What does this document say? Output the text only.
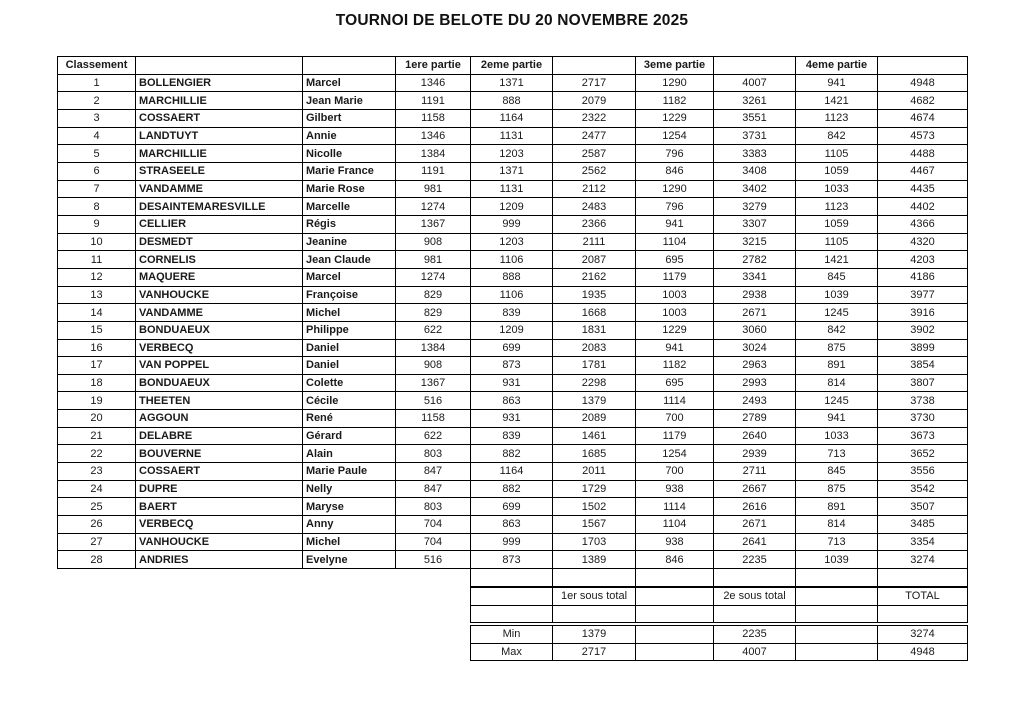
TOURNOI DE BELOTE DU 20 NOVEMBRE 2025
Classement			1ere partie	2eme partie		3eme partie		4eme partie	
1	BOLLENGIER	Marcel	1346	1371	2717	1290	4007	941	4948
2	MARCHILLIE	Jean Marie	1191	888	2079	1182	3261	1421	4682
3	COSSAERT	Gilbert	1158	1164	2322	1229	3551	1123	4674
4	LANDTUYT	Annie	1346	1131	2477	1254	3731	842	4573
5	MARCHILLIE	Nicolle	1384	1203	2587	796	3383	1105	4488
6	STRASEELE	Marie France	1191	1371	2562	846	3408	1059	4467
7	VANDAMME	Marie Rose	981	1131	2112	1290	3402	1033	4435
8	DESAINTEMARESVILLE	Marcelle	1274	1209	2483	796	3279	1123	4402
9	CELLIER	Régis	1367	999	2366	941	3307	1059	4366
10	DESMEDT	Jeanine	908	1203	2111	1104	3215	1105	4320
11	CORNELIS	Jean Claude	981	1106	2087	695	2782	1421	4203
12	MAQUERE	Marcel	1274	888	2162	1179	3341	845	4186
13	VANHOUCKE	Françoise	829	1106	1935	1003	2938	1039	3977
14	VANDAMME	Michel	829	839	1668	1003	2671	1245	3916
15	BONDUAEUX	Philippe	622	1209	1831	1229	3060	842	3902
16	VERBECQ	Daniel	1384	699	2083	941	3024	875	3899
17	VAN POPPEL	Daniel	908	873	1781	1182	2963	891	3854
18	BONDUAEUX	Colette	1367	931	2298	695	2993	814	3807
19	THEETEN	Cécile	516	863	1379	1114	2493	1245	3738
20	AGGOUN	René	1158	931	2089	700	2789	941	3730
21	DELABRE	Gérard	622	839	1461	1179	2640	1033	3673
22	BOUVERNE	Alain	803	882	1685	1254	2939	713	3652
23	COSSAERT	Marie Paule	847	1164	2011	700	2711	845	3556
24	DUPRE	Nelly	847	882	1729	938	2667	875	3542
25	BAERT	Maryse	803	699	1502	1114	2616	891	3507
26	VERBECQ	Anny	704	863	1567	1104	2671	814	3485
27	VANHOUCKE	Michel	704	999	1703	938	2641	713	3354
28	ANDRIES	Evelyne	516	873	1389	846	2235	1039	3274

	1er sous total		2e sous total		TOTAL

Min	1379		2235		3274
Max	2717		4007		4948
